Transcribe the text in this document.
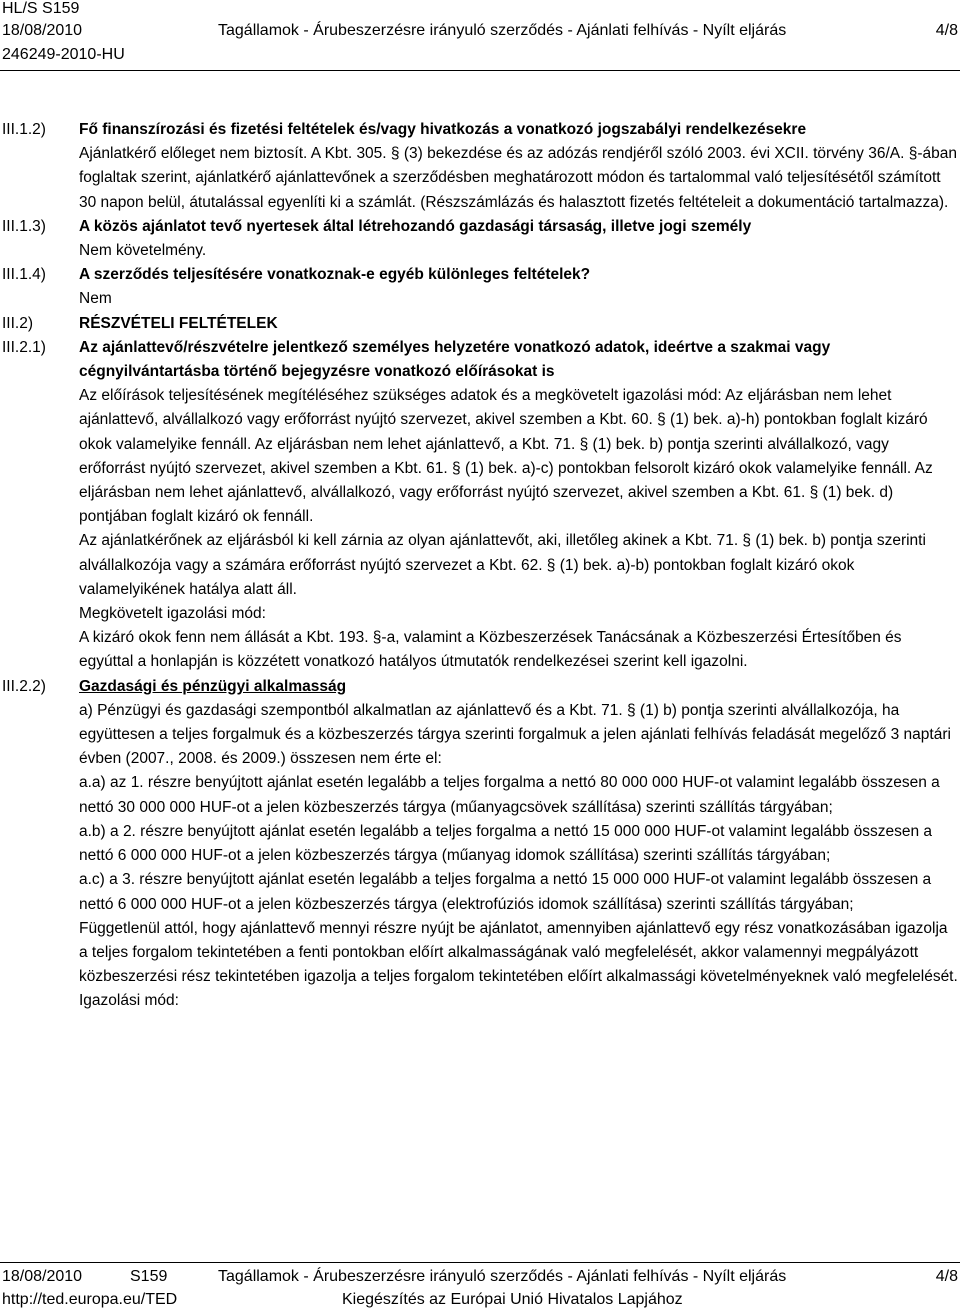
HL/S S159
18/08/2010	Tagállamok - Árubeszerzésre irányuló szerződés - Ajánlati felhívás - Nyílt eljárás	4/8
246249-2010-HU
III.1.2) Fő finanszírozási és fizetési feltételek és/vagy hivatkozás a vonatkozó jogszabályi rendelkezésekre

Ajánlatkérő előleget nem biztosít. A Kbt. 305. § (3) bekezdése és az adózás rendjéről szóló 2003. évi XCII. törvény 36/A. §-ában foglaltak szerint, ajánlatkérő ajánlattevőnek a szerződésben meghatározott módon és tartalommal való teljesítésétől számított 30 napon belül, átutalással egyenlíti ki a számlát. (Részszámlázás és halasztott fizetés feltételeit a dokumentáció tartalmazza).

III.1.3) A közös ajánlatot tevő nyertesek által létrehozandó gazdasági társaság, illetve jogi személy

Nem követelmény.

III.1.4) A szerződés teljesítésére vonatkoznak-e egyéb különleges feltételek?

Nem

III.2)	RÉSZVÉTELI FELTÉTELEK

III.2.1) Az ajánlattevő/részvételre jelentkező személyes helyzetére vonatkozó adatok, ideértve a szakmai vagy cégnyilvántartásba történő bejegyzésre vonatkozó előírásokat is

Az előírások teljesítésének megítéléséhez szükséges adatok és a megkövetelt igazolási mód: Az eljárásban nem lehet ajánlattevő, alvállalkozó vagy erőforrást nyújtó szervezet, akivel szemben a Kbt. 60. § (1) bek. a)-h) pontokban foglalt kizáró okok valamelyike fennáll. Az eljárásban nem lehet ajánlattevő, a Kbt. 71. § (1) bek. b) pontja szerinti alvállalkozó, vagy erőforrást nyújtó szervezet, akivel szemben a Kbt. 61. § (1) bek. a)-c) pontokban felsorolt kizáró okok valamelyike fennáll. Az eljárásban nem lehet ajánlattevő, alvállalkozó, vagy erőforrást nyújtó szervezet, akivel szemben a Kbt. 61. § (1) bek. d) pontjában foglalt kizáró ok fennáll.

Az ajánlatkérőnek az eljárásból ki kell zárnia az olyan ajánlattevőt, aki, illetőleg akinek a Kbt. 71. § (1) bek. b) pontja szerinti alvállalkozója vagy a számára erőforrást nyújtó szervezet a Kbt. 62. § (1) bek. a)-b) pontokban foglalt kizáró okok valamelyikének hatálya alatt áll.

Megkövetelt igazolási mód:

A kizáró okok fenn nem állását a Kbt. 193. §-a, valamint a Közbeszerzések Tanácsának a Közbeszerzési Értesítőben és egyúttal a honlapján is közzétett vonatkozó hatályos útmutatók rendelkezései szerint kell igazolni.

III.2.2) Gazdasági és pénzügyi alkalmasság

a) Pénzügyi és gazdasági szempontból alkalmatlan az ajánlattevő és a Kbt. 71. § (1) b) pontja szerinti alvállalkozója, ha együttesen a teljes forgalmuk és a közbeszerzés tárgya szerinti forgalmuk a jelen ajánlati felhívás feladását megelőző 3 naptári évben (2007., 2008. és 2009.) összesen nem érte el:

a.a) az 1. részre benyújtott ajánlat esetén legalább a teljes forgalma a nettó 80 000 000 HUF-ot valamint legalább összesen a nettó 30 000 000 HUF-ot a jelen közbeszerzés tárgya (műanyagcsövek szállítása) szerinti szállítás tárgyában;

a.b) a 2. részre benyújtott ajánlat esetén legalább a teljes forgalma a nettó 15 000 000 HUF-ot valamint legalább összesen a nettó 6 000 000 HUF-ot a jelen közbeszerzés tárgya (műanyag idomok szállítása) szerinti szállítás tárgyában;

a.c) a 3. részre benyújtott ajánlat esetén legalább a teljes forgalma a nettó 15 000 000 HUF-ot valamint legalább összesen a nettó 6 000 000 HUF-ot a jelen közbeszerzés tárgya (elektrofúziós idomok szállítása) szerinti szállítás tárgyában;

Függetlenül attól, hogy ajánlattevő mennyi részre nyújt be ajánlatot, amennyiben ajánlattevő egy rész vonatkozásában igazolja a teljes forgalom tekintetében a fenti pontokban előírt alkalmasságának való megfelelését, akkor valamennyi megpályázott közbeszerzési rész tekintetében igazolja a teljes forgalom tekintetében előírt alkalmassági követelményeknek való megfelelését.

Igazolási mód:

18/08/2010	S159	Tagállamok - Árubeszerzésre irányuló szerződés - Ajánlati felhívás - Nyílt eljárás	4/8
http://ted.europa.eu/TED	Kiegészítés az Európai Unió Hivatalos Lapjához
